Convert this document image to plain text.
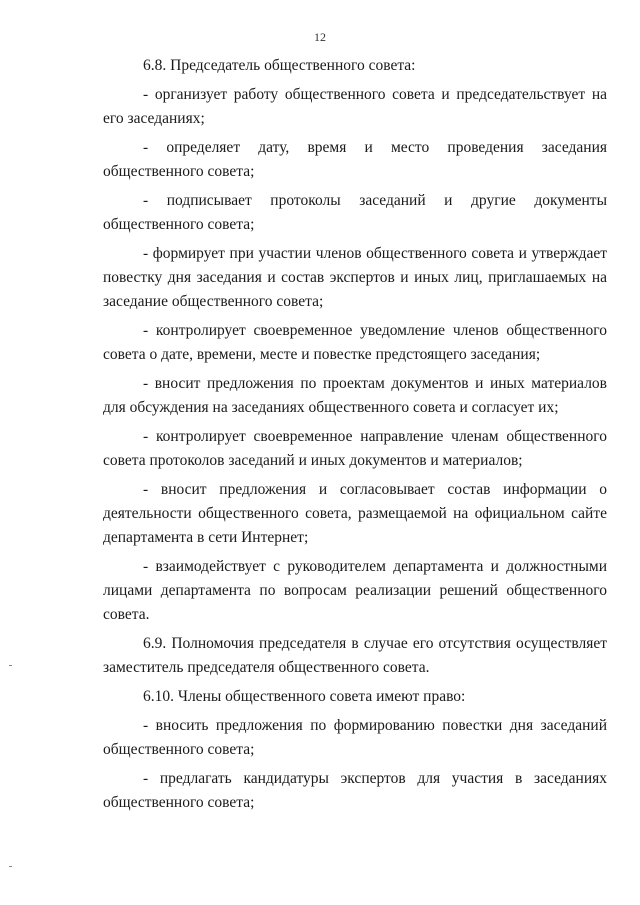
12

6.8. Председатель общественного совета:

- организует работу общественного совета и председательствует на его заседаниях;

- определяет дату, время и место проведения заседания общественного совета;

- подписывает протоколы заседаний и другие документы общественного совета;

- формирует при участии членов общественного совета и утверждает повестку дня заседания и состав экспертов и иных лиц, приглашаемых на заседание общественного совета;

- контролирует своевременное уведомление членов общественного совета о дате, времени, месте и повестке предстоящего заседания;

- вносит предложения по проектам документов и иных материалов для обсуждения на заседаниях общественного совета и согласует их;

- контролирует своевременное направление членам общественного совета протоколов заседаний и иных документов и материалов;

- вносит предложения и согласовывает состав информации о деятельности общественного совета, размещаемой на официальном сайте департамента в сети Интернет;

- взаимодействует с руководителем департамента и должностными лицами департамента по вопросам реализации решений общественного совета.

6.9. Полномочия председателя в случае его отсутствия осуществляет заместитель председателя общественного совета.

6.10. Члены общественного совета имеют право:

- вносить предложения по формированию повестки дня заседаний общественного совета;

- предлагать кандидатуры экспертов для участия в заседаниях общественного совета;
